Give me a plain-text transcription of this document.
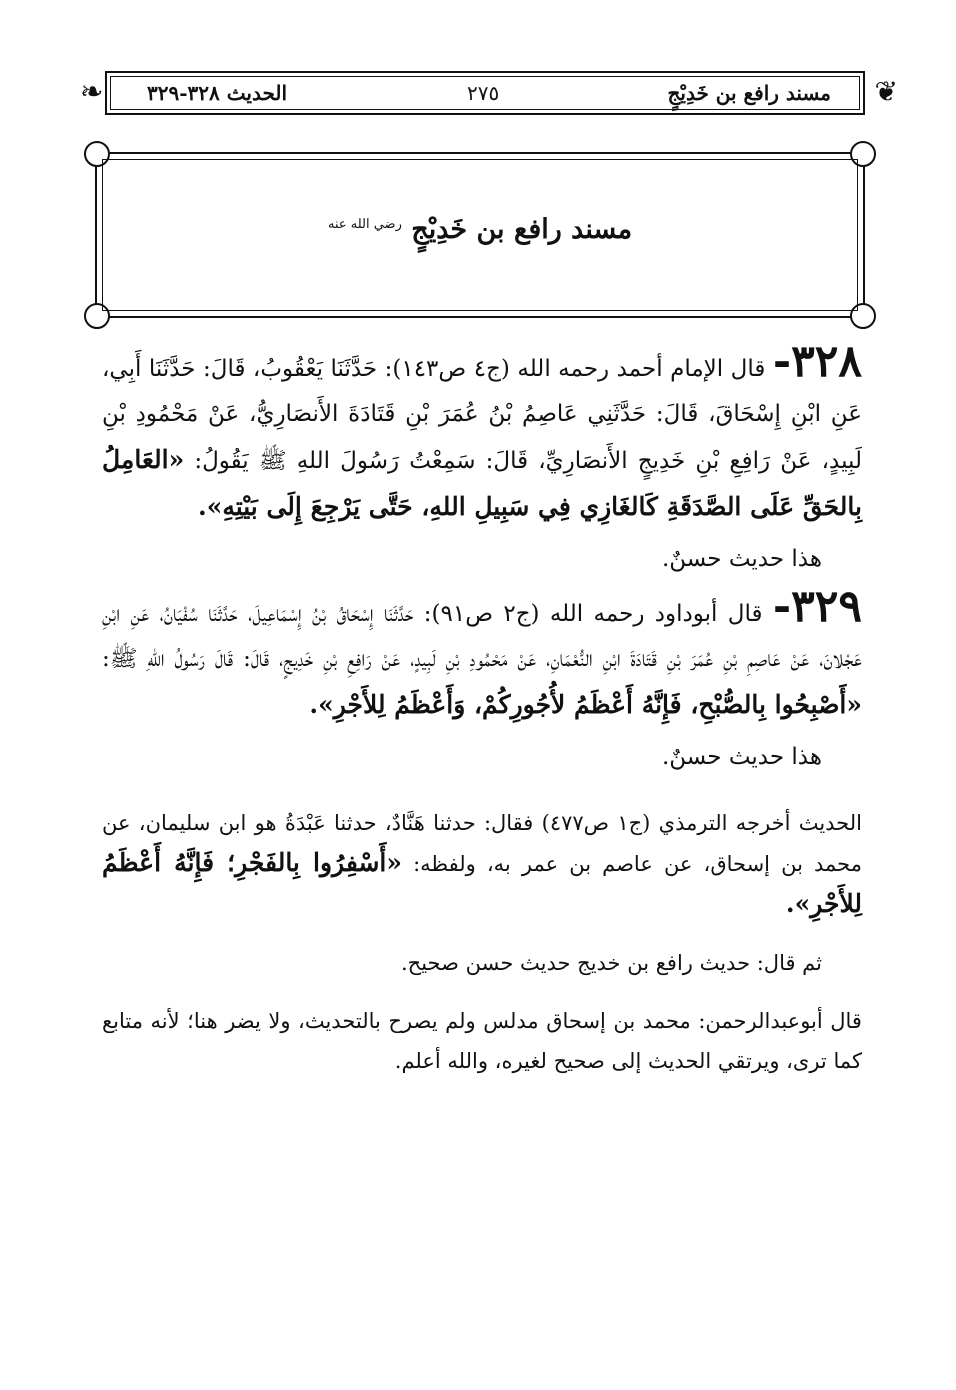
❦
❧	مسند رافع بن خَدِيْجٍ
٢٧٥
الحديث ٣٢٨-٣٢٩
مسند رافع بن خَدِيْجٍ $^{رضي الله عنه}$

٣٢٨- قال الإمام أحمد رحمه الله (ج٤ ص١٤٣): حَدَّثَنَا يَعْقُوبُ، قَالَ: حَدَّثَنَا أَبِي، عَنِ ابْنِ إِسْحَاقَ، قَالَ: حَدَّثَنِي عَاصِمُ بْنُ عُمَرَ بْنِ قَتَادَةَ الأَنصَارِيُّ، عَنْ مَحْمُودِ بْنِ لَبِيدٍ، عَنْ رَافِعِ بْنِ خَدِيجٍ الأَنصَارِيِّ، قَالَ: سَمِعْتُ رَسُولَ اللهِ ﷺ يَقُولُ: «العَامِلُ بِالحَقِّ عَلَى الصَّدَقَةِ كَالغَازِي فِي سَبِيلِ اللهِ، حَتَّى يَرْجِعَ إِلَى بَيْتِهِ».

هذا حديث حسنٌ.

٣٢٩- قال أبوداود رحمه الله (ج٢ ص٩١): حَدَّثَنَا إِسْحَاقُ بْنُ إِسْمَاعِيلَ، حَدَّثَنَا سُفْيَانُ، عَنِ ابْنِ عَجْلانَ، عَنْ عَاصِمِ بْنِ عُمَرَ بْنِ قَتَادَةَ ابْنِ النُّعْمَانِ، عَنْ مَحْمُودِ بْنِ لَبِيدٍ، عَنْ رَافِعِ بْنِ خَدِيجٍ، قَالَ: قَالَ رَسُولُ اللهِ ﷺ: «أَصْبِحُوا بِالصُّبْحِ، فَإِنَّهُ أَعْظَمُ لأُجُورِكُمْ، وَأَعْظَمُ لِلأَجْرِ».

هذا حديث حسنٌ.

الحديث أخرجه الترمذي (ج١ ص٤٧٧) فقال: حدثنا هَنَّادٌ، حدثنا عَبْدَةُ هو ابن سليمان، عن محمد بن إسحاق، عن عاصم بن عمر به، ولفظه: «أَسْفِرُوا بِالفَجْرِ؛ فَإِنَّهُ أَعْظَمُ لِلأَجْرِ».

ثم قال: حديث رافع بن خديج حديث حسن صحيح.

قال أبوعبدالرحمن: محمد بن إسحاق مدلس ولم يصرح بالتحديث، ولا يضر هنا؛ لأنه متابع كما ترى، ويرتقي الحديث إلى صحيح لغيره، والله أعلم.
